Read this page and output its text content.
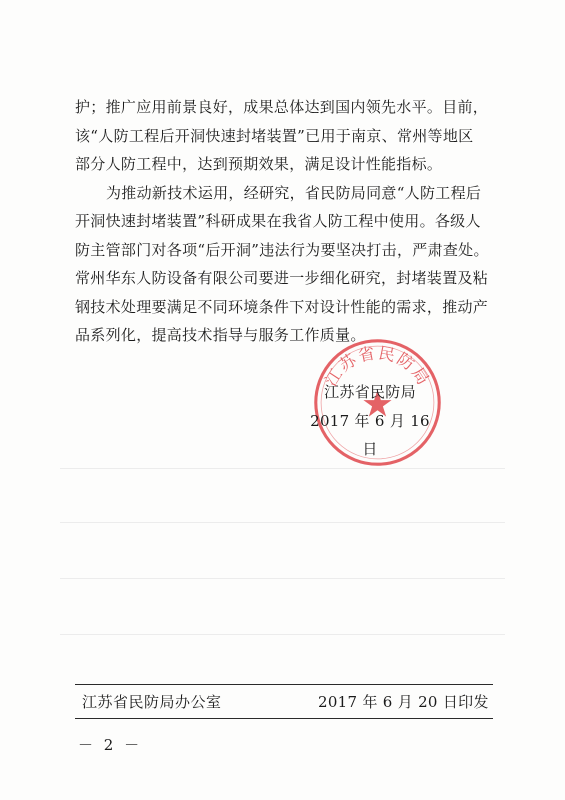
护；推广应用前景良好，成果总体达到国内领先水平。目前，

该“人防工程后开洞快速封堵装置”已用于南京、常州等地区

部分人防工程中，达到预期效果，满足设计性能指标。

为推动新技术运用，经研究，省民防局同意“人防工程后

开洞快速封堵装置”科研成果在我省人防工程中使用。各级人

防主管部门对各项“后开洞”违法行为要坚决打击，严肃查处。

常州华东人防设备有限公司要进一步细化研究，封堵装置及粘

钢技术处理要满足不同环境条件下对设计性能的需求，推动产

品系列化，提高技术指导与服务工作质量。

江苏省民防局
江苏省民防局
2017 年 6 月 16 日
江苏省民防局办公室	2017 年 6 月 20 日印发
－ 2 －
